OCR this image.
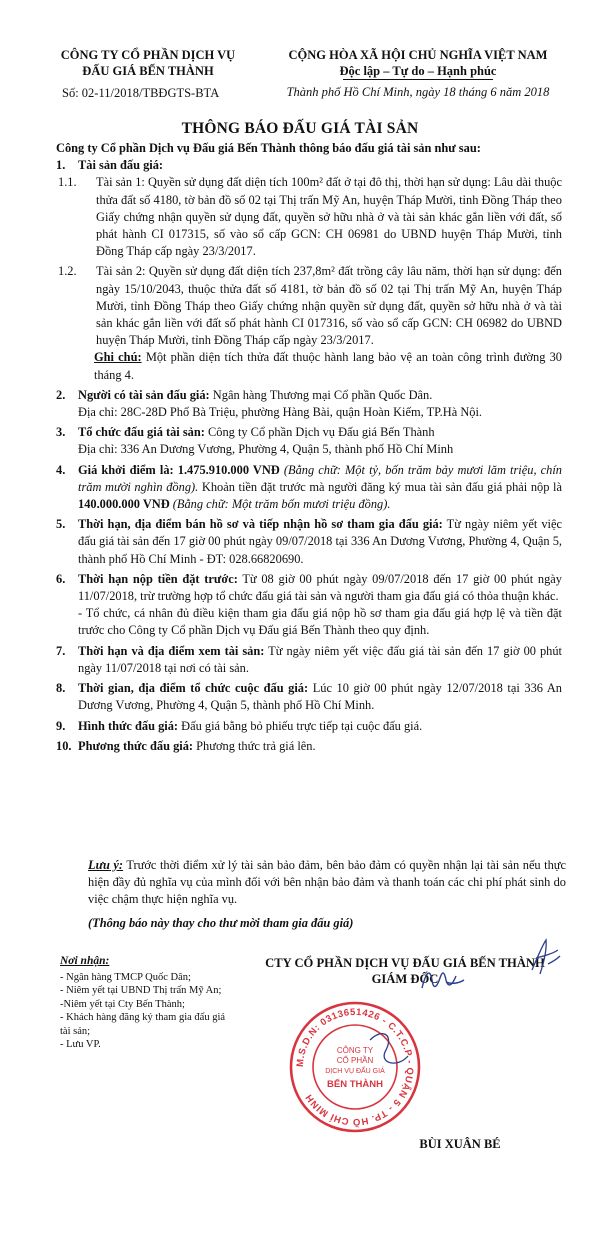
CÔNG TY CỔ PHẦN DỊCH VỤ
ĐẤU GIÁ BẾN THÀNH
Số: 02-11/2018/TBĐGTS-BTA
CỘNG HÒA XÃ HỘI CHỦ NGHĨA VIỆT NAM
Độc lập – Tự do – Hạnh phúc
Thành phố Hồ Chí Minh, ngày 18 tháng 6 năm 2018
THÔNG BÁO ĐẤU GIÁ TÀI SẢN
Công ty Cổ phần Dịch vụ Đấu giá Bến Thành thông báo đấu giá tài sản như sau:
1.	Tài sản đấu giá:
1.1.	Tài sản 1: Quyền sử dụng đất diện tích 100m² đất ở tại đô thị, thời hạn sử dụng: Lâu dài thuộc thửa đất số 4180, tờ bản đồ số 02 tại Thị trấn Mỹ An, huyện Tháp Mười, tỉnh Đồng Tháp theo Giấy chứng nhận quyền sử dụng đất, quyền sở hữu nhà ở và tài sản khác gắn liền với đất, số phát hành CI 017315, số vào sổ cấp GCN: CH 06981 do UBND huyện Tháp Mười, tỉnh Đồng Tháp cấp ngày 23/3/2017.
1.2.	Tài sản 2: Quyền sử dụng đất diện tích 237,8m² đất trồng cây lâu năm, thời hạn sử dụng: đến ngày 15/10/2043, thuộc thửa đất số 4181, tờ bản đồ số 02 tại Thị trấn Mỹ An, huyện Tháp Mười, tỉnh Đồng Tháp theo Giấy chứng nhận quyền sử dụng đất, quyền sở hữu nhà ở và tài sản khác gắn liền với đất số phát hành CI 017316, số vào sổ cấp GCN: CH 06982 do UBND huyện Tháp Mười, tỉnh Đồng Tháp cấp ngày 23/3/2017.
Ghi chú: Một phần diện tích thửa đất thuộc hành lang bảo vệ an toàn công trình đường 30 tháng 4.
2.	Người có tài sản đấu giá: Ngân hàng Thương mại Cổ phần Quốc Dân.
Địa chỉ: 28C-28D Phố Bà Triệu, phường Hàng Bài, quận Hoàn Kiếm, TP.Hà Nội.
3.	Tổ chức đấu giá tài sản: Công ty Cổ phần Dịch vụ Đấu giá Bến Thành
Địa chỉ: 336 An Dương Vương, Phường 4, Quận 5, thành phố Hồ Chí Minh
4.	Giá khởi điểm là: 1.475.910.000 VNĐ (Bằng chữ: Một tỷ, bốn trăm bảy mươi lăm triệu, chín trăm mười nghìn đồng). Khoản tiền đặt trước mà người đăng ký mua tài sản đấu giá phải nộp là 140.000.000 VNĐ (Bằng chữ: Một trăm bốn mươi triệu đồng).
5.	Thời hạn, địa điểm bán hồ sơ và tiếp nhận hồ sơ tham gia đấu giá: Từ ngày niêm yết việc đấu giá tài sản đến 17 giờ 00 phút ngày 09/07/2018 tại 336 An Dương Vương, Phường 4, Quận 5, thành phố Hồ Chí Minh - ĐT: 028.66820690.
6.	Thời hạn nộp tiền đặt trước: Từ 08 giờ 00 phút ngày 09/07/2018 đến 17 giờ 00 phút ngày 11/07/2018, trừ trường hợp tổ chức đấu giá tài sản và người tham gia đấu giá có thỏa thuận khác.
- Tổ chức, cá nhân đủ điều kiện tham gia đấu giá nộp hồ sơ tham gia đấu giá hợp lệ và tiền đặt trước cho Công ty Cổ phần Dịch vụ Đấu giá Bến Thành theo quy định.
7.	Thời hạn và địa điểm xem tài sản: Từ ngày niêm yết việc đấu giá tài sản đến 17 giờ 00 phút ngày 11/07/2018 tại nơi có tài sản.
8.	Thời gian, địa điểm tổ chức cuộc đấu giá: Lúc 10 giờ 00 phút ngày 12/07/2018 tại 336 An Dương Vương, Phường 4, Quận 5, thành phố Hồ Chí Minh.
9.	Hình thức đấu giá: Đấu giá bằng bỏ phiếu trực tiếp tại cuộc đấu giá.
10. Phương thức đấu giá: Phương thức trả giá lên.
Lưu ý: Trước thời điểm xử lý tài sản bảo đảm, bên bảo đảm có quyền nhận lại tài sản nếu thực hiện đầy đủ nghĩa vụ của mình đối với bên nhận bảo đảm và thanh toán các chi phí phát sinh do việc chậm thực hiện nghĩa vụ.
(Thông báo này thay cho thư mời tham gia đấu giá)
Nơi nhận:
- Ngân hàng TMCP Quốc Dân;
- Niêm yết tại UBND Thị trấn Mỹ An;
-Niêm yết tại Cty Bến Thành;
- Khách hàng đăng ký tham gia đấu giá tài sản;
- Lưu VP.
CTY CỔ PHẦN DỊCH VỤ ĐẤU GIÁ BẾN THÀNH
GIÁM ĐỐC
M.S.D.N: 0313651426 - C.T.C.P - QUẬN 5 - TP. HỒ CHÍ MINH
CÔNG TY
CỔ PHẦN
DỊCH VỤ ĐẤU GIÁ
BẾN THÀNH
BÙI XUÂN BÉ
